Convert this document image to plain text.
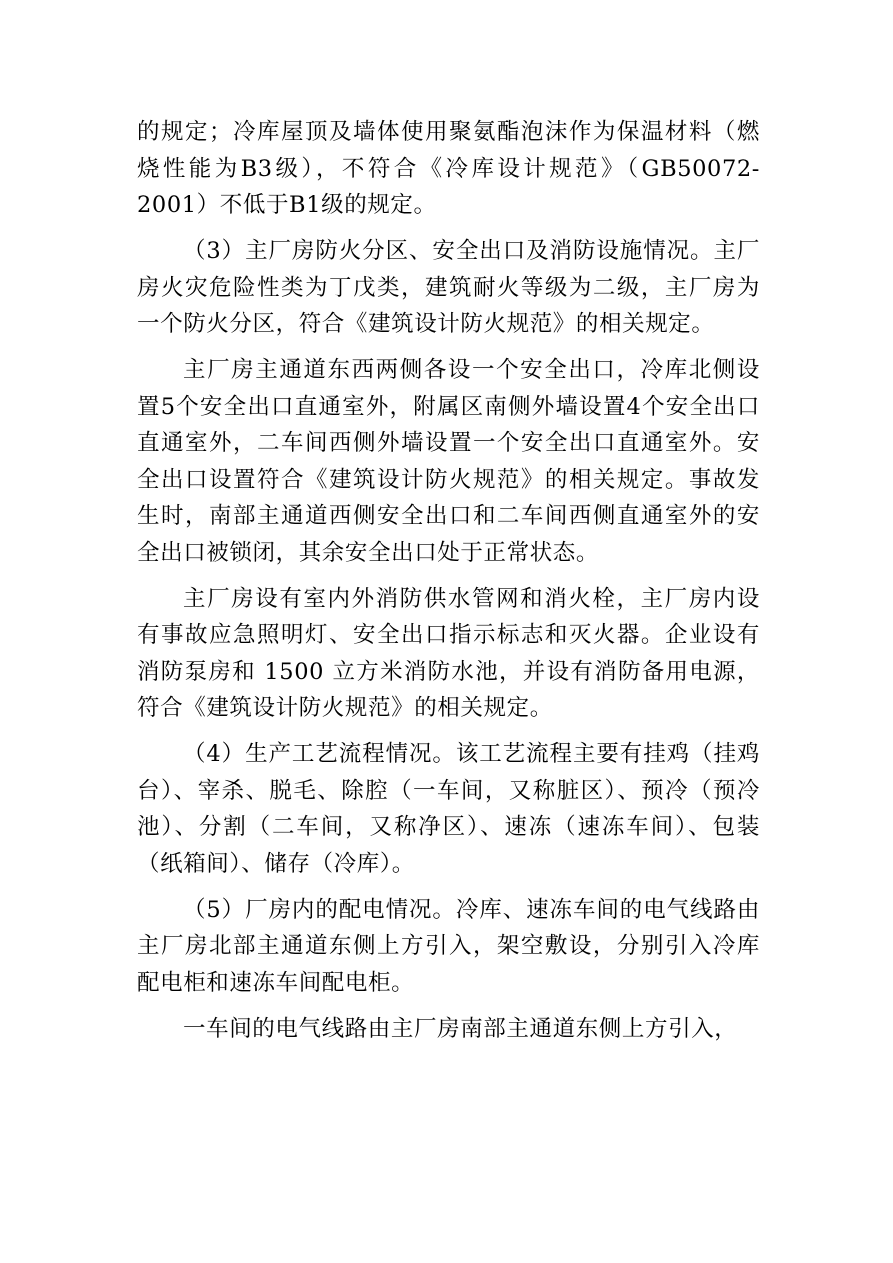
的规定；冷库屋顶及墙体使用聚氨酯泡沫作为保温材料（燃烧性能为B3级），不符合《冷库设计规范》（GB50072-2001）不低于B1级的规定。

（3）主厂房防火分区、安全出口及消防设施情况。主厂房火灾危险性类为丁戊类，建筑耐火等级为二级，主厂房为一个防火分区，符合《建筑设计防火规范》的相关规定。

主厂房主通道东西两侧各设一个安全出口，冷库北侧设置5个安全出口直通室外，附属区南侧外墙设置4个安全出口直通室外，二车间西侧外墙设置一个安全出口直通室外。安全出口设置符合《建筑设计防火规范》的相关规定。事故发生时，南部主通道西侧安全出口和二车间西侧直通室外的安全出口被锁闭，其余安全出口处于正常状态。

主厂房设有室内外消防供水管网和消火栓，主厂房内设有事故应急照明灯、安全出口指示标志和灭火器。企业设有消防泵房和 1500 立方米消防水池，并设有消防备用电源，符合《建筑设计防火规范》的相关规定。

（4）生产工艺流程情况。该工艺流程主要有挂鸡（挂鸡台）、宰杀、脱毛、除腔（一车间，又称脏区）、预冷（预冷池）、分割（二车间，又称净区）、速冻（速冻车间）、包装（纸箱间）、储存（冷库）。

（5）厂房内的配电情况。冷库、速冻车间的电气线路由主厂房北部主通道东侧上方引入，架空敷设，分别引入冷库配电柜和速冻车间配电柜。

一车间的电气线路由主厂房南部主通道东侧上方引入，
